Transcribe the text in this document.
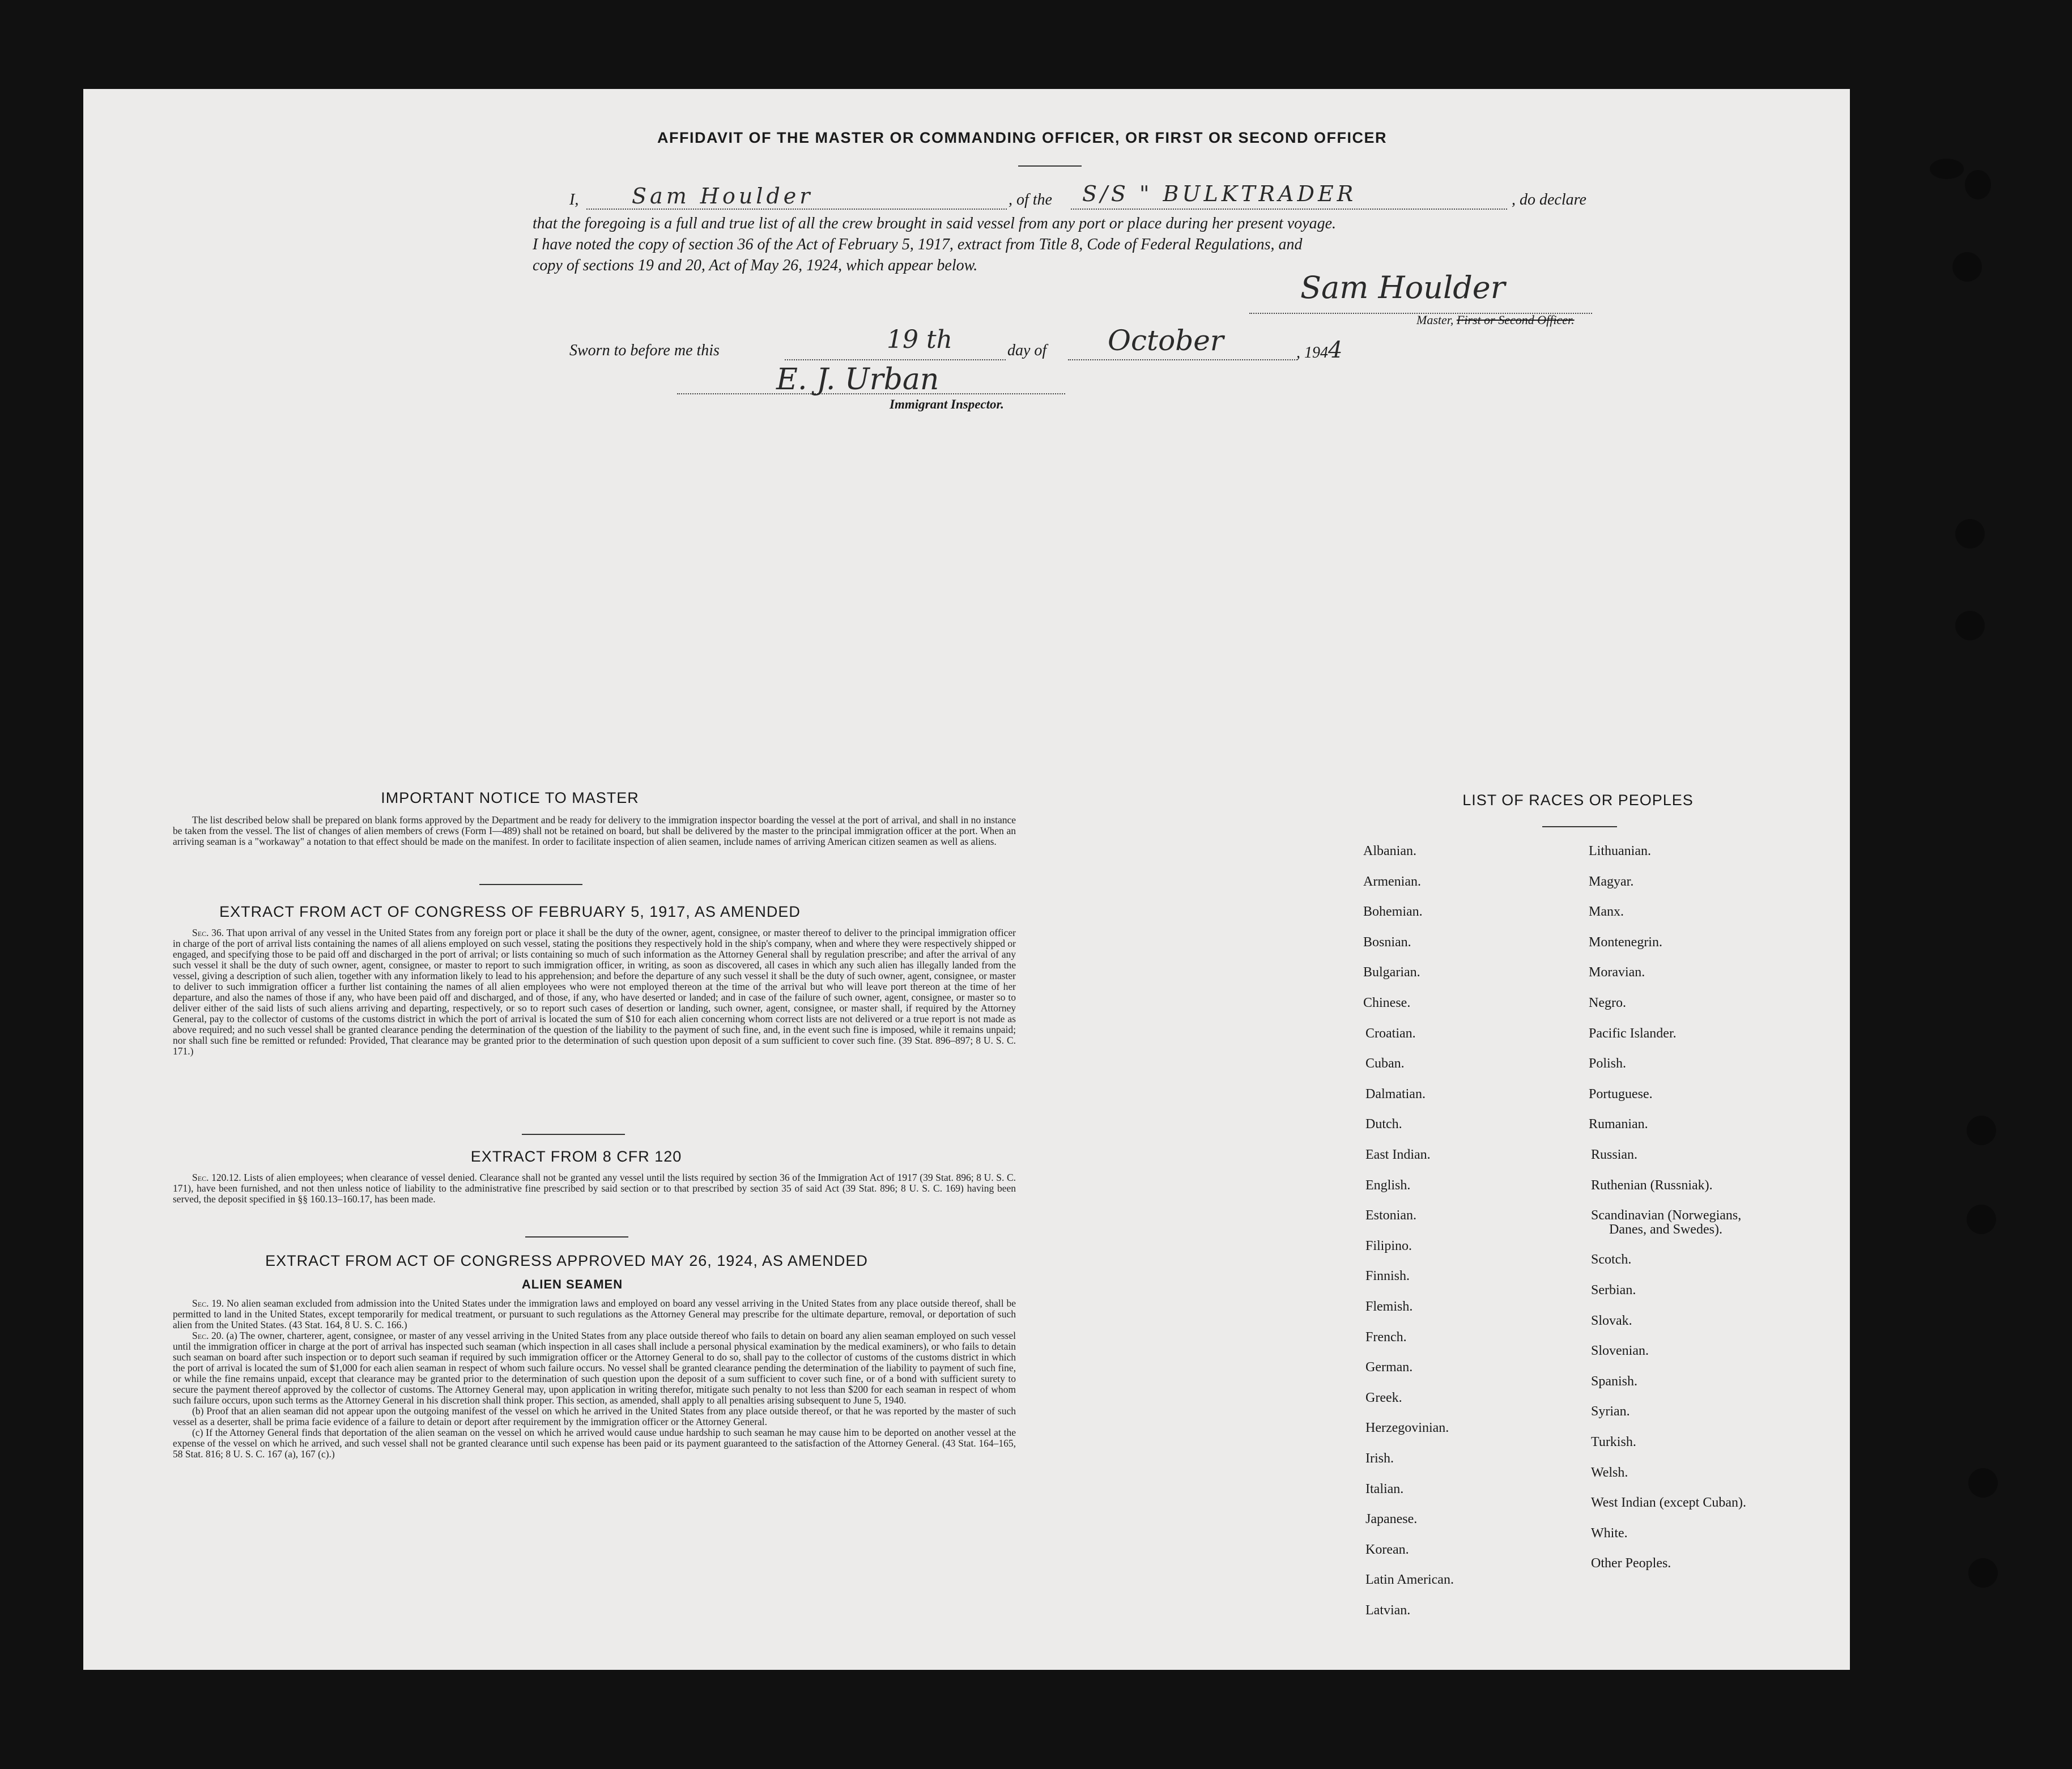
AFFIDAVIT OF THE MASTER OR COMMANDING OFFICER, OR FIRST OR SECOND OFFICER
I, Sam Houlder	, of the S/S " BULKTRADER	, do declare
that the foregoing is a full and true list of all the crew brought in said vessel from any port or place during her present voyage.
I have noted the copy of section 36 of the Act of February 5, 1917, extract from Title 8, Code of Federal Regulations, and
copy of sections 19 and 20, Act of May 26, 1924, which appear below.
Sam Houlder
Master, First or Second Officer.
Sworn to before me this	19 th	day of October	, 1944
E. J. Urban
Immigrant Inspector.
IMPORTANT NOTICE TO MASTER

The list described below shall be prepared on blank forms approved by the Department and be ready for delivery to the immigration inspector boarding the vessel at the port of arrival, and shall in no instance be taken from the vessel. The list of changes of alien members of crews (Form I—489) shall not be retained on board, but shall be delivered by the master to the principal immigration officer at the port. When an arriving seaman is a "workaway" a notation to that effect should be made on the manifest. In order to facilitate inspection of alien seamen, include names of arriving American citizen seamen as well as aliens.

EXTRACT FROM ACT OF CONGRESS OF FEBRUARY 5, 1917, AS AMENDED

Sec. 36. That upon arrival of any vessel in the United States from any foreign port or place it shall be the duty of the owner, agent, consignee, or master thereof to deliver to the principal immigration officer in charge of the port of arrival lists containing the names of all aliens employed on such vessel, stating the positions they respectively hold in the ship's company, when and where they were respectively shipped or engaged, and specifying those to be paid off and discharged in the port of arrival; or lists containing so much of such information as the Attorney General shall by regulation prescribe; and after the arrival of any such vessel it shall be the duty of such owner, agent, consignee, or master to report to such immigration officer, in writing, as soon as discovered, all cases in which any such alien has illegally landed from the vessel, giving a description of such alien, together with any information likely to lead to his apprehension; and before the departure of any such vessel it shall be the duty of such owner, agent, consignee, or master to deliver to such immigration officer a further list containing the names of all alien employees who were not employed thereon at the time of the arrival but who will leave port thereon at the time of her departure, and also the names of those if any, who have been paid off and discharged, and of those, if any, who have deserted or landed; and in case of the failure of such owner, agent, consignee, or master so to deliver either of the said lists of such aliens arriving and departing, respectively, or so to report such cases of desertion or landing, such owner, agent, consignee, or master shall, if required by the Attorney General, pay to the collector of customs of the customs district in which the port of arrival is located the sum of $10 for each alien concerning whom correct lists are not delivered or a true report is not made as above required; and no such vessel shall be granted clearance pending the determination of the question of the liability to the payment of such fine, and, in the event such fine is imposed, while it remains unpaid; nor shall such fine be remitted or refunded: Provided, That clearance may be granted prior to the determination of such question upon deposit of a sum sufficient to cover such fine. (39 Stat. 896–897; 8 U. S. C. 171.)

EXTRACT FROM 8 CFR 120

Sec. 120.12. Lists of alien employees; when clearance of vessel denied. Clearance shall not be granted any vessel until the lists required by section 36 of the Immigration Act of 1917 (39 Stat. 896; 8 U. S. C. 171), have been furnished, and not then unless notice of liability to the administrative fine prescribed by said section or to that prescribed by section 35 of said Act (39 Stat. 896; 8 U. S. C. 169) having been served, the deposit specified in §§ 160.13–160.17, has been made.

EXTRACT FROM ACT OF CONGRESS APPROVED MAY 26, 1924, AS AMENDED
ALIEN SEAMEN

Sec. 19. No alien seaman excluded from admission into the United States under the immigration laws and employed on board any vessel arriving in the United States from any place outside thereof, shall be permitted to land in the United States, except temporarily for medical treatment, or pursuant to such regulations as the Attorney General may prescribe for the ultimate departure, removal, or deportation of such alien from the United States. (43 Stat. 164, 8 U. S. C. 166.)

Sec. 20. (a) The owner, charterer, agent, consignee, or master of any vessel arriving in the United States from any place outside thereof who fails to detain on board any alien seaman employed on such vessel until the immigration officer in charge at the port of arrival has inspected such seaman (which inspection in all cases shall include a personal physical examination by the medical examiners), or who fails to detain such seaman on board after such inspection or to deport such seaman if required by such immigration officer or the Attorney General to do so, shall pay to the collector of customs of the customs district in which the port of arrival is located the sum of $1,000 for each alien seaman in respect of whom such failure occurs. No vessel shall be granted clearance pending the determination of the liability to payment of such fine, or while the fine remains unpaid, except that clearance may be granted prior to the determination of such question upon the deposit of a sum sufficient to cover such fine, or of a bond with sufficient surety to secure the payment thereof approved by the collector of customs. The Attorney General may, upon application in writing therefor, mitigate such penalty to not less than $200 for each seaman in respect of whom such failure occurs, upon such terms as the Attorney General in his discretion shall think proper. This section, as amended, shall apply to all penalties arising subsequent to June 5, 1940.

(b) Proof that an alien seaman did not appear upon the outgoing manifest of the vessel on which he arrived in the United States from any place outside thereof, or that he was reported by the master of such vessel as a deserter, shall be prima facie evidence of a failure to detain or deport after requirement by the immigration officer or the Attorney General.

(c) If the Attorney General finds that deportation of the alien seaman on the vessel on which he arrived would cause undue hardship to such seaman he may cause him to be deported on another vessel at the expense of the vessel on which he arrived, and such vessel shall not be granted clearance until such expense has been paid or its payment guaranteed to the satisfaction of the Attorney General. (43 Stat. 164–165, 58 Stat. 816; 8 U. S. C. 167 (a), 167 (c).)

LIST OF RACES OR PEOPLES
Albanian.
Armenian.
Bohemian.
Bosnian.
Bulgarian.
Chinese.
Croatian.
Cuban.
Dalmatian.
Dutch.
East Indian.
English.
Estonian.
Filipino.
Finnish.
Flemish.
French.
German.
Greek.
Herzegovinian.
Irish.
Italian.
Japanese.
Korean.
Latin American.
Latvian.
Lithuanian.
Magyar.
Manx.
Montenegrin.
Moravian.
Negro.
Pacific Islander.
Polish.
Portuguese.
Rumanian.
Russian.
Ruthenian (Russniak).
Scandinavian (Norwegians,
Danes, and Swedes).
Scotch.
Serbian.
Slovak.
Slovenian.
Spanish.
Syrian.
Turkish.
Welsh.
West Indian (except Cuban).
White.
Other Peoples.
